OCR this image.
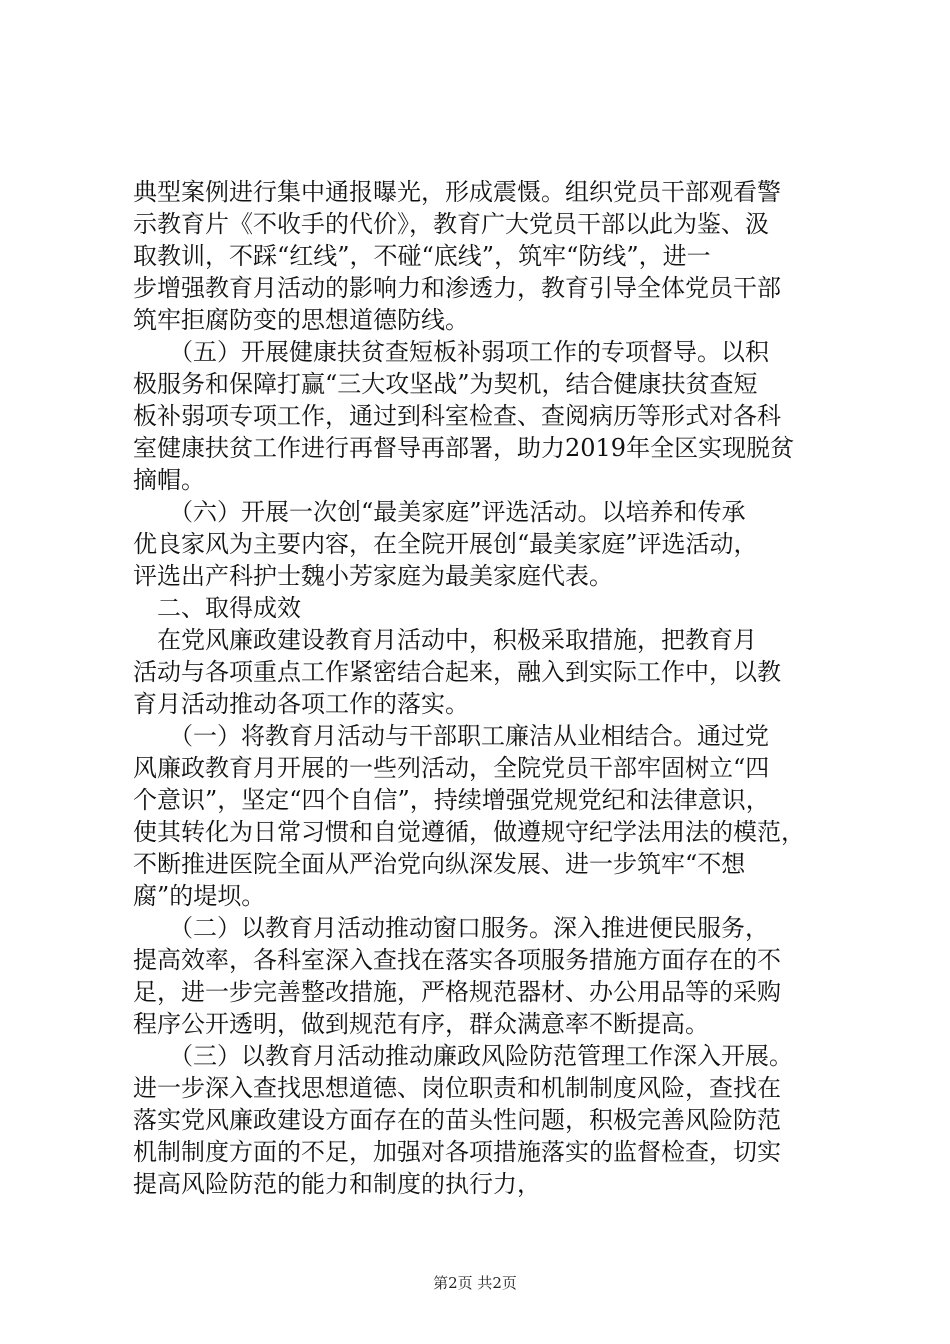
典型案例进行集中通报曝光，形成震慑。组织党员干部观看警
示教育片《不收手的代价》，教育广大党员干部以此为鉴、汲
取教训，不踩“红线”，不碰“底线”，筑牢“防线”，进一
步增强教育月活动的影响力和渗透力，教育引导全体党员干部
筑牢拒腐防变的思想道德防线。
　　（五）开展健康扶贫查短板补弱项工作的专项督导。以积
极服务和保障打赢“三大攻坚战”为契机，结合健康扶贫查短
板补弱项专项工作，通过到科室检查、查阅病历等形式对各科
室健康扶贫工作进行再督导再部署，助力2019年全区实现脱贫
摘帽。
　　（六）开展一次创“最美家庭”评选活动。以培养和传承
优良家风为主要内容，在全院开展创“最美家庭”评选活动，
评选出产科护士魏小芳家庭为最美家庭代表。
　二、取得成效
　在党风廉政建设教育月活动中，积极采取措施，把教育月
活动与各项重点工作紧密结合起来，融入到实际工作中，以教
育月活动推动各项工作的落实。
　　（一）将教育月活动与干部职工廉洁从业相结合。通过党
风廉政教育月开展的一些列活动，全院党员干部牢固树立“四
个意识”，坚定“四个自信”，持续增强党规党纪和法律意识，
使其转化为日常习惯和自觉遵循，做遵规守纪学法用法的模范，
不断推进医院全面从严治党向纵深发展、进一步筑牢“不想
腐”的堤坝。
　　（二）以教育月活动推动窗口服务。深入推进便民服务，
提高效率，各科室深入查找在落实各项服务措施方面存在的不
足，进一步完善整改措施，严格规范器材、办公用品等的采购
程序公开透明，做到规范有序，群众满意率不断提高。
　　（三）以教育月活动推动廉政风险防范管理工作深入开展。
进一步深入查找思想道德、岗位职责和机制制度风险，查找在
落实党风廉政建设方面存在的苗头性问题，积极完善风险防范
机制制度方面的不足，加强对各项措施落实的监督检查，切实
提高风险防范的能力和制度的执行力，
第2页 共2页
